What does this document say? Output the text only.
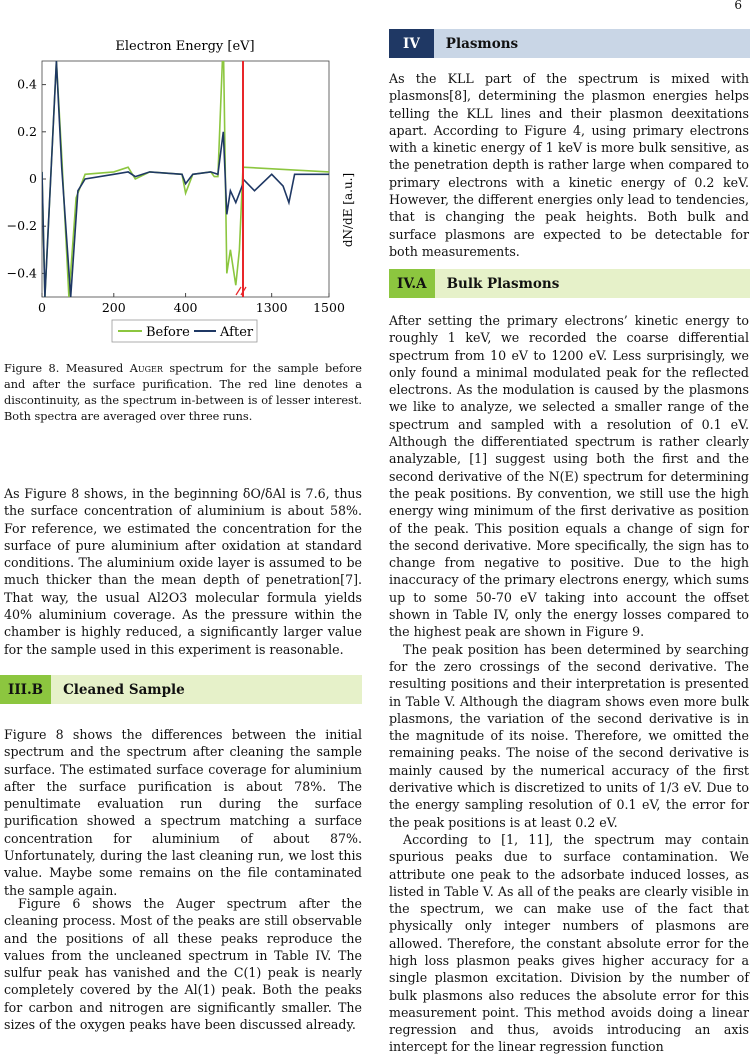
6
Electron Energy [eV]
0	200	400	1300 1500
0.4
0.2
0
−0.2
−0.4
dN/dE [a.u.]
Before After
Figure 8. Measured Auger spectrum for the sample before and after the surface purification. The red line denotes a discontinuity, as the spectrum in-between is of lesser interest. Both spectra are averaged over three runs.

As Figure 8 shows, in the beginning δO/δAl is 7.6, thus the surface concentration of aluminium is about 58%. For reference, we estimated the concentration for the surface of pure aluminium after oxidation at standard conditions. The aluminium oxide layer is assumed to be much thicker than the mean depth of penetration[7]. That way, the usual Al2O3 molecular formula yields 40% aluminium coverage. As the pressure within the chamber is highly reduced, a significantly larger value for the sample used in this experiment is reasonable.

III.B	Cleaned Sample

Figure 8 shows the differences between the initial spectrum and the spectrum after cleaning the sample surface. The estimated surface coverage for aluminium after the surface purification is about 78%. The penultimate evaluation run during the surface purification showed a spectrum matching a surface concentration for aluminium of about 87%. Unfortunately, during the last cleaning run, we lost this value. Maybe some remains on the file contaminated the sample again.

Figure 6 shows the Auger spectrum after the cleaning process. Most of the peaks are still observable and the positions of all these peaks reproduce the values from the uncleaned spectrum in Table IV. The sulfur peak has vanished and the C(1) peak is nearly completely covered by the Al(1) peak. Both the peaks for carbon and nitrogen are significantly smaller. The sizes of the oxygen peaks have been discussed already.

IV	Plasmons

As the KLL part of the spectrum is mixed with plasmons[8], determining the plasmon energies helps telling the KLL lines and their plasmon deexitations apart. According to Figure 4, using primary electrons with a kinetic energy of 1 keV is more bulk sensitive, as the penetration depth is rather large when compared to primary electrons with a kinetic energy of 0.2 keV. However, the different energies only lead to tendencies, that is changing the peak heights. Both bulk and surface plasmons are expected to be detectable for both measurements.

IV.A	Bulk Plasmons

After setting the primary electrons’ kinetic energy to roughly 1 keV, we recorded the coarse differential spectrum from 10 eV to 1200 eV. Less surprisingly, we only found a minimal modulated peak for the reflected electrons. As the modulation is caused by the plasmons we like to analyze, we selected a smaller range of the spectrum and sampled with a resolution of 0.1 eV. Although the differentiated spectrum is rather clearly analyzable, [1] suggest using both the first and the second derivative of the N(E) spectrum for determining the peak positions. By convention, we still use the high energy wing minimum of the first derivative as position of the peak. This position equals a change of sign for the second derivative. More specifically, the sign has to change from negative to positive. Due to the high inaccuracy of the primary electrons energy, which sums up to some 50-70 eV taking into account the offset shown in Table IV, only the energy losses compared to the highest peak are shown in Figure 9.

The peak position has been determined by searching for the zero crossings of the second derivative. The resulting positions and their interpretation is presented in Table V. Although the diagram shows even more bulk plasmons, the variation of the second derivative is in the magnitude of its noise. Therefore, we omitted the remaining peaks. The noise of the second derivative is mainly caused by the numerical accuracy of the first derivative which is discretized to units of 1/3 eV. Due to the energy sampling resolution of 0.1 eV, the error for the peak positions is at least 0.2 eV.

According to [1, 11], the spectrum may contain spurious peaks due to surface contamination. We attribute one peak to the adsorbate induced losses, as listed in Table V. As all of the peaks are clearly visible in the spectrum, we can make use of the fact that physically only integer numbers of plasmons are allowed. Therefore, the constant absolute error for the high loss plasmon peaks gives higher accuracy for a single plasmon excitation. Division by the number of bulk plasmons also reduces the absolute error for this measurement point. This method avoids doing a linear regression and thus, avoids introducing an axis intercept for the linear regression function
